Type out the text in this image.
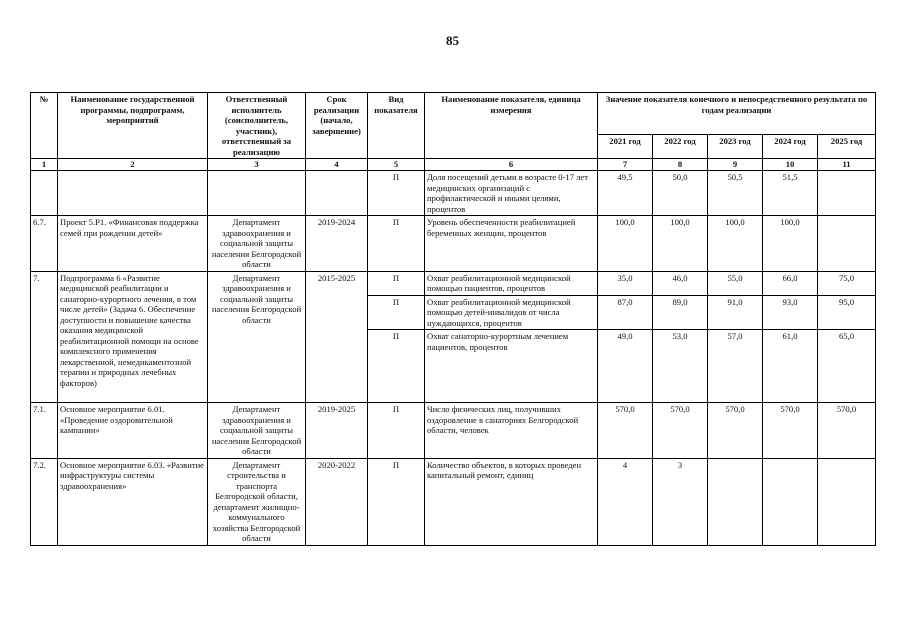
85
№	Наименование государственной программы, подпрограмм, мероприятий	Ответственный исполнитель (соисполнитель, участник), ответственный за реализацию	Срок реализации (начало, завершение)	Вид показателя	Наименование показателя, единица измерения	Значение показателя конечного и непосредственного результата по годам реализации				
						2021 год	2022 год	2023 год	2024 год	2025 год
1	2	3	4	5	6	7	8	9	10	11
				П	Доля посещений детьми в возрасте 0-17 лет медицинских организаций с профилактической и иными целями, процентов	49,5	50,0	50,5	51,5	
6.7.	Проект 5.Р1. «Финансовая поддержка семей при рождении детей»	Департамент здравоохранения и социальной защиты населения Белгородской области	2019-2024	П	Уровень обеспеченности реабилитацией беременных женщин, процентов	100,0	100,0	100,0	100,0	
7.	Подпрограмма 6 «Развитие медицинской реабилитации и санаторно-курортного лечения, в том числе детей» (Задача 6. Обеспечение доступности и повышение качества оказания медицинской реабилитационной помощи на основе комплексного применения лекарственной, немедикаментозной терапии и природных лечебных факторов)	Департамент здравоохранения и социальной защиты населения Белгородской области	2015-2025	П	Охват реабилитационной медицинской помощью пациентов, процентов	35,0	46,0	55,0	66,0	75,0
				П	Охват реабилитационной медицинской помощью детей-инвалидов от числа нуждающихся, процентов	87,0	89,0	91,0	93,0	95,0
				П	Охват санаторно-курортным лечением пациентов, процентов	49,0	53,0	57,0	61,0	65,0
7.1.	Основное мероприятие 6.01. «Проведение оздоровительной кампании»	Департамент здравоохранения и социальной защиты населения Белгородской области	2019-2025	П	Число физических лиц, получивших оздоровление в санаториях Белгородской области, человек	570,0	570,0	570,0	570,0	570,0
7.2.	Основное мероприятие 6.03. «Развитие инфраструктуры системы здравоохранения»	Департамент строительства и транспорта Белгородской области, департамент жилищно-коммунального хозяйства Белгородской области	2020-2022	П	Количество объектов, в которых проведен капитальный ремонт, единиц	4	3			
